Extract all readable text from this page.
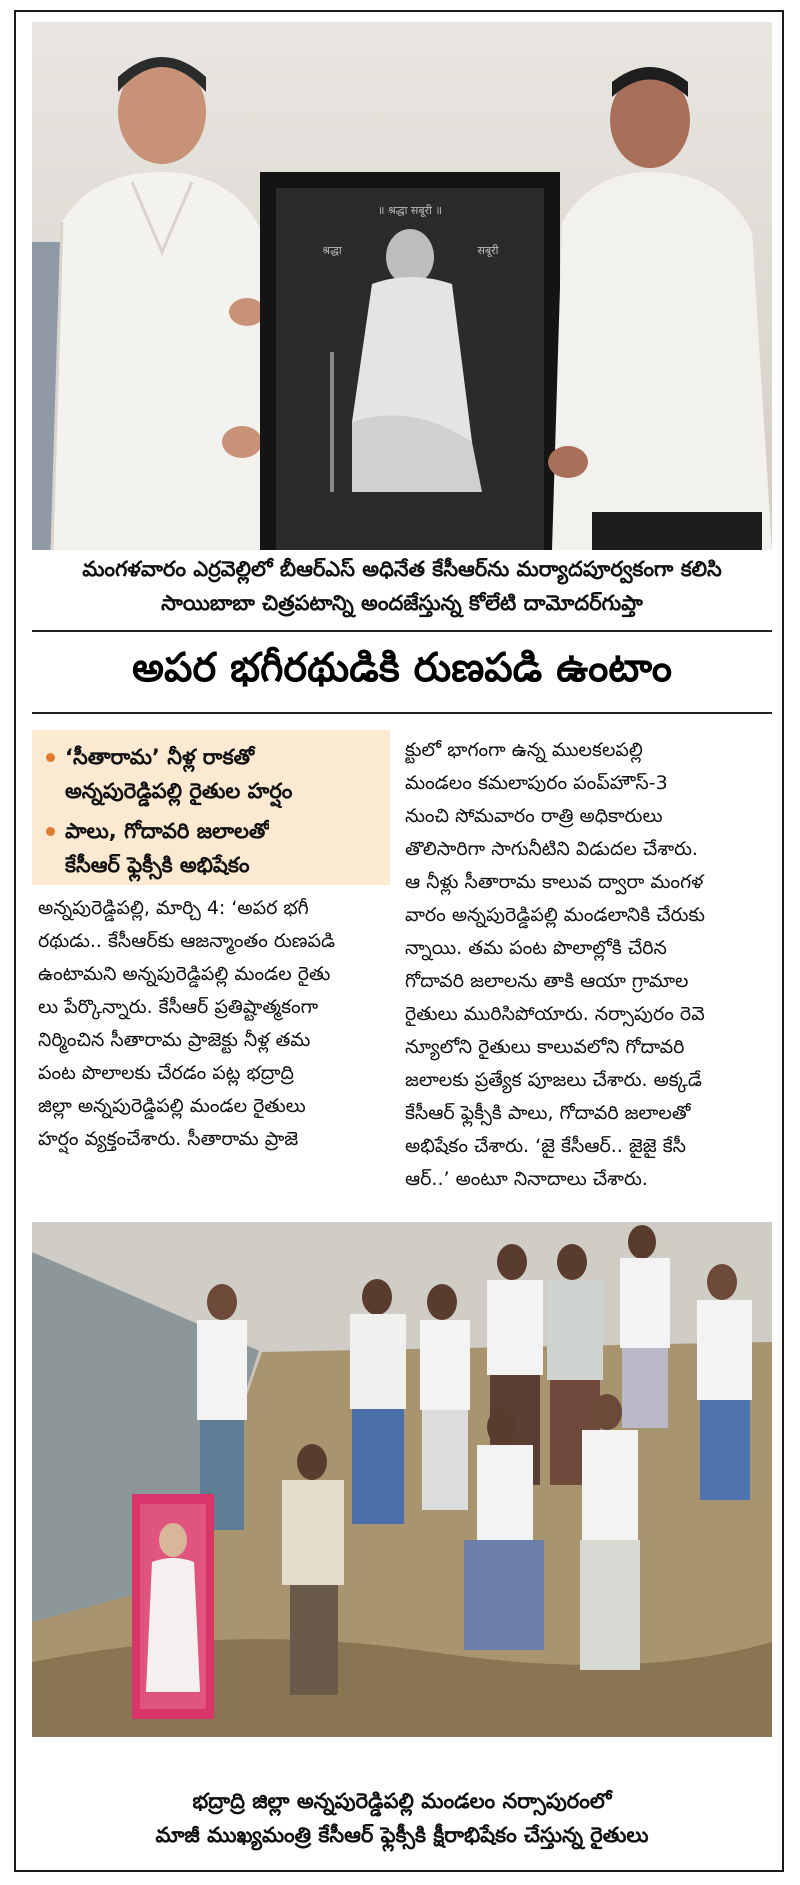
॥ श्रद्धा सबूरी ॥
श्रद्धा	सबूरी
మంగళవారం ఎర్రవెల్లిలో బీఆర్‌ఎస్‌ అధినేత కేసీఆర్‌ను మర్యాదపూర్వకంగా కలిసి
సాయిబాబా చిత్రపటాన్ని అందజేస్తున్న కోలేటి దామోదర్‌గుప్తా
అపర భగీరథుడికి రుణపడి ఉంటాం
‘సీతారామ’ నీళ్ల రాకతో
అన్నపురెడ్డిపల్లి రైతుల హర్షం
పాలు, గోదావరి జలాలతో
కేసీఆర్‌ ఫ్లెక్సీకి అభిషేకం
అన్నపురెడ్డిపల్లి, మార్చి 4: ‘అపర భగీ
రథుడు.. కేసీఆర్‌కు ఆజన్మాంతం రుణపడి
ఉంటామని అన్నపురెడ్డిపల్లి మండల రైతు
లు పేర్కొన్నారు. కేసీఆర్‌ ప్రతిష్టాత్మకంగా
నిర్మించిన సీతారామ ప్రాజెక్టు నీళ్ల తమ
పంట పొలాలకు చేరడం పట్ల భద్రాద్రి
జిల్లా అన్నపురెడ్డిపల్లి మండల రైతులు
హర్షం వ్యక్తంచేశారు. సీతారామ ప్రాజె
క్టులో భాగంగా ఉన్న ములకలపల్లి
మండలం కమలాపురం పంప్‌హౌస్‌-3
నుంచి సోమవారం రాత్రి అధికారులు
తొలిసారిగా సాగునీటిని విడుదల చేశారు.
ఆ నీళ్లు సీతారామ కాలువ ద్వారా మంగళ
వారం అన్నపురెడ్డిపల్లి మండలానికి చేరుకు
న్నాయి. తమ పంట పొలాల్లోకి చేరిన
గోదావరి జలాలను తాకి ఆయా గ్రామాల
రైతులు మురిసిపోయారు. నర్సాపురం రెవె
న్యూలోని రైతులు కాలువలోని గోదావరి
జలాలకు ప్రత్యేక పూజలు చేశారు. అక్కడే
కేసీఆర్‌ ఫ్లెక్సీకి పాలు, గోదావరి జలాలతో
అభిషేకం చేశారు. ‘జై కేసీఆర్‌.. జైజై కేసీ
ఆర్‌..’ అంటూ నినాదాలు చేశారు.
భద్రాద్రి జిల్లా అన్నపురెడ్డిపల్లి మండలం నర్సాపురంలో
మాజీ ముఖ్యమంత్రి కేసీఆర్‌ ఫ్లెక్సీకి క్షీరాభిషేకం చేస్తున్న రైతులు
